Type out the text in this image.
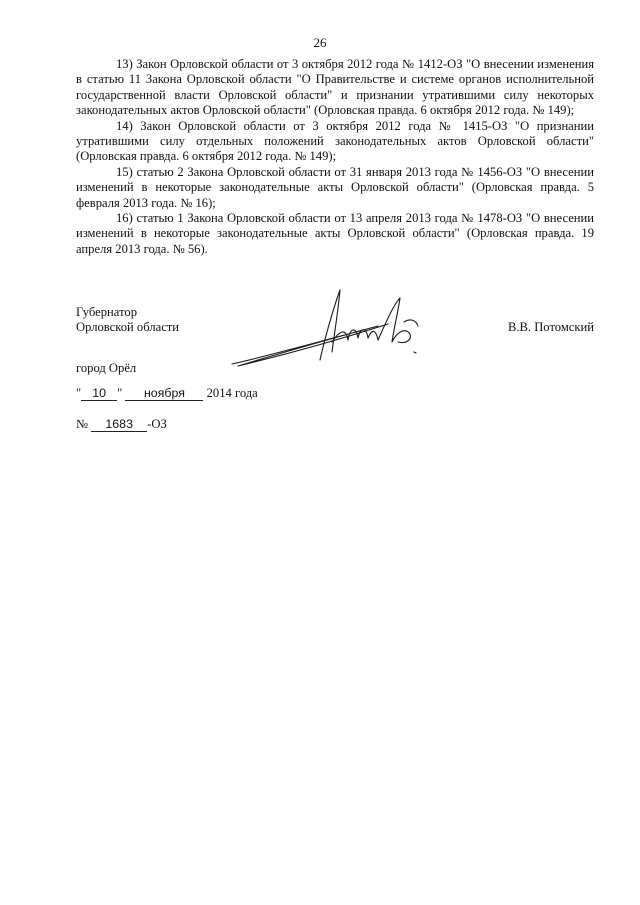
26

13) Закон Орловской области от 3 октября 2012 года № 1412-ОЗ "О внесении изменения в статью 11 Закона Орловской области "О Правительстве и системе органов исполнительной государственной власти Орловской области" и признании утратившими силу некоторых законодательных актов Орловской области" (Орловская правда. 6 октября 2012 года. № 149);

14) Закон Орловской области от 3 октября 2012 года № 1415-ОЗ "О признании утратившими силу отдельных положений законодательных актов Орловской области" (Орловская правда. 6 октября 2012 года. № 149);

15) статью 2 Закона Орловской области от 31 января 2013 года № 1456-ОЗ "О внесении изменений в некоторые законодательные акты Орловской области" (Орловская правда. 5 февраля 2013 года. № 16);

16) статью 1 Закона Орловской области от 13 апреля 2013 года № 1478-ОЗ "О внесении изменений в некоторые законодательные акты Орловской области" (Орловская правда. 19 апреля 2013 года. № 56).

Губернатор
Орловской области	В.В. Потомский
город Орёл
" 10 " ноября 2014 года
№ 1683 -ОЗ
